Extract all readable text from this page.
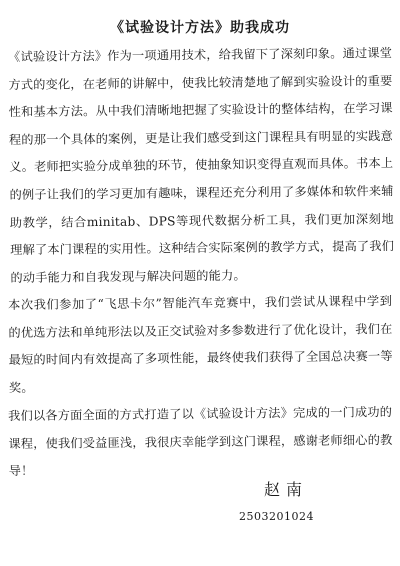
《试验设计方法》助我成功

《试验设计方法》作为一项通用技术，给我留下了深刻印象。通过课堂方式的变化，在老师的讲解中，使我比较清楚地了解到实验设计的重要性和基本方法。从中我们清晰地把握了实验设计的整体结构，在学习课程的那一个具体的案例，更是让我们感受到这门课程具有明显的实践意义。老师把实验分成单独的环节，使抽象知识变得直观而具体。书本上的例子让我们的学习更加有趣味，课程还充分利用了多媒体和软件来辅助教学，结合minitab、DPS等现代数据分析工具，我们更加深刻地理解了本门课程的实用性。这种结合实际案例的教学方式，提高了我们的动手能力和自我发现与解决问题的能力。

本次我们参加了“飞思卡尔”智能汽车竞赛中，我们尝试从课程中学到的优选方法和单纯形法以及正交试验对多参数进行了优化设计，我们在最短的时间内有效提高了多项性能，最终使我们获得了全国总决赛一等奖。

我们以各方面全面的方式打造了以《试验设计方法》完成的一门成功的课程，使我们受益匪浅，我很庆幸能学到这门课程，感谢老师细心的教导！

赵南
2503201024
